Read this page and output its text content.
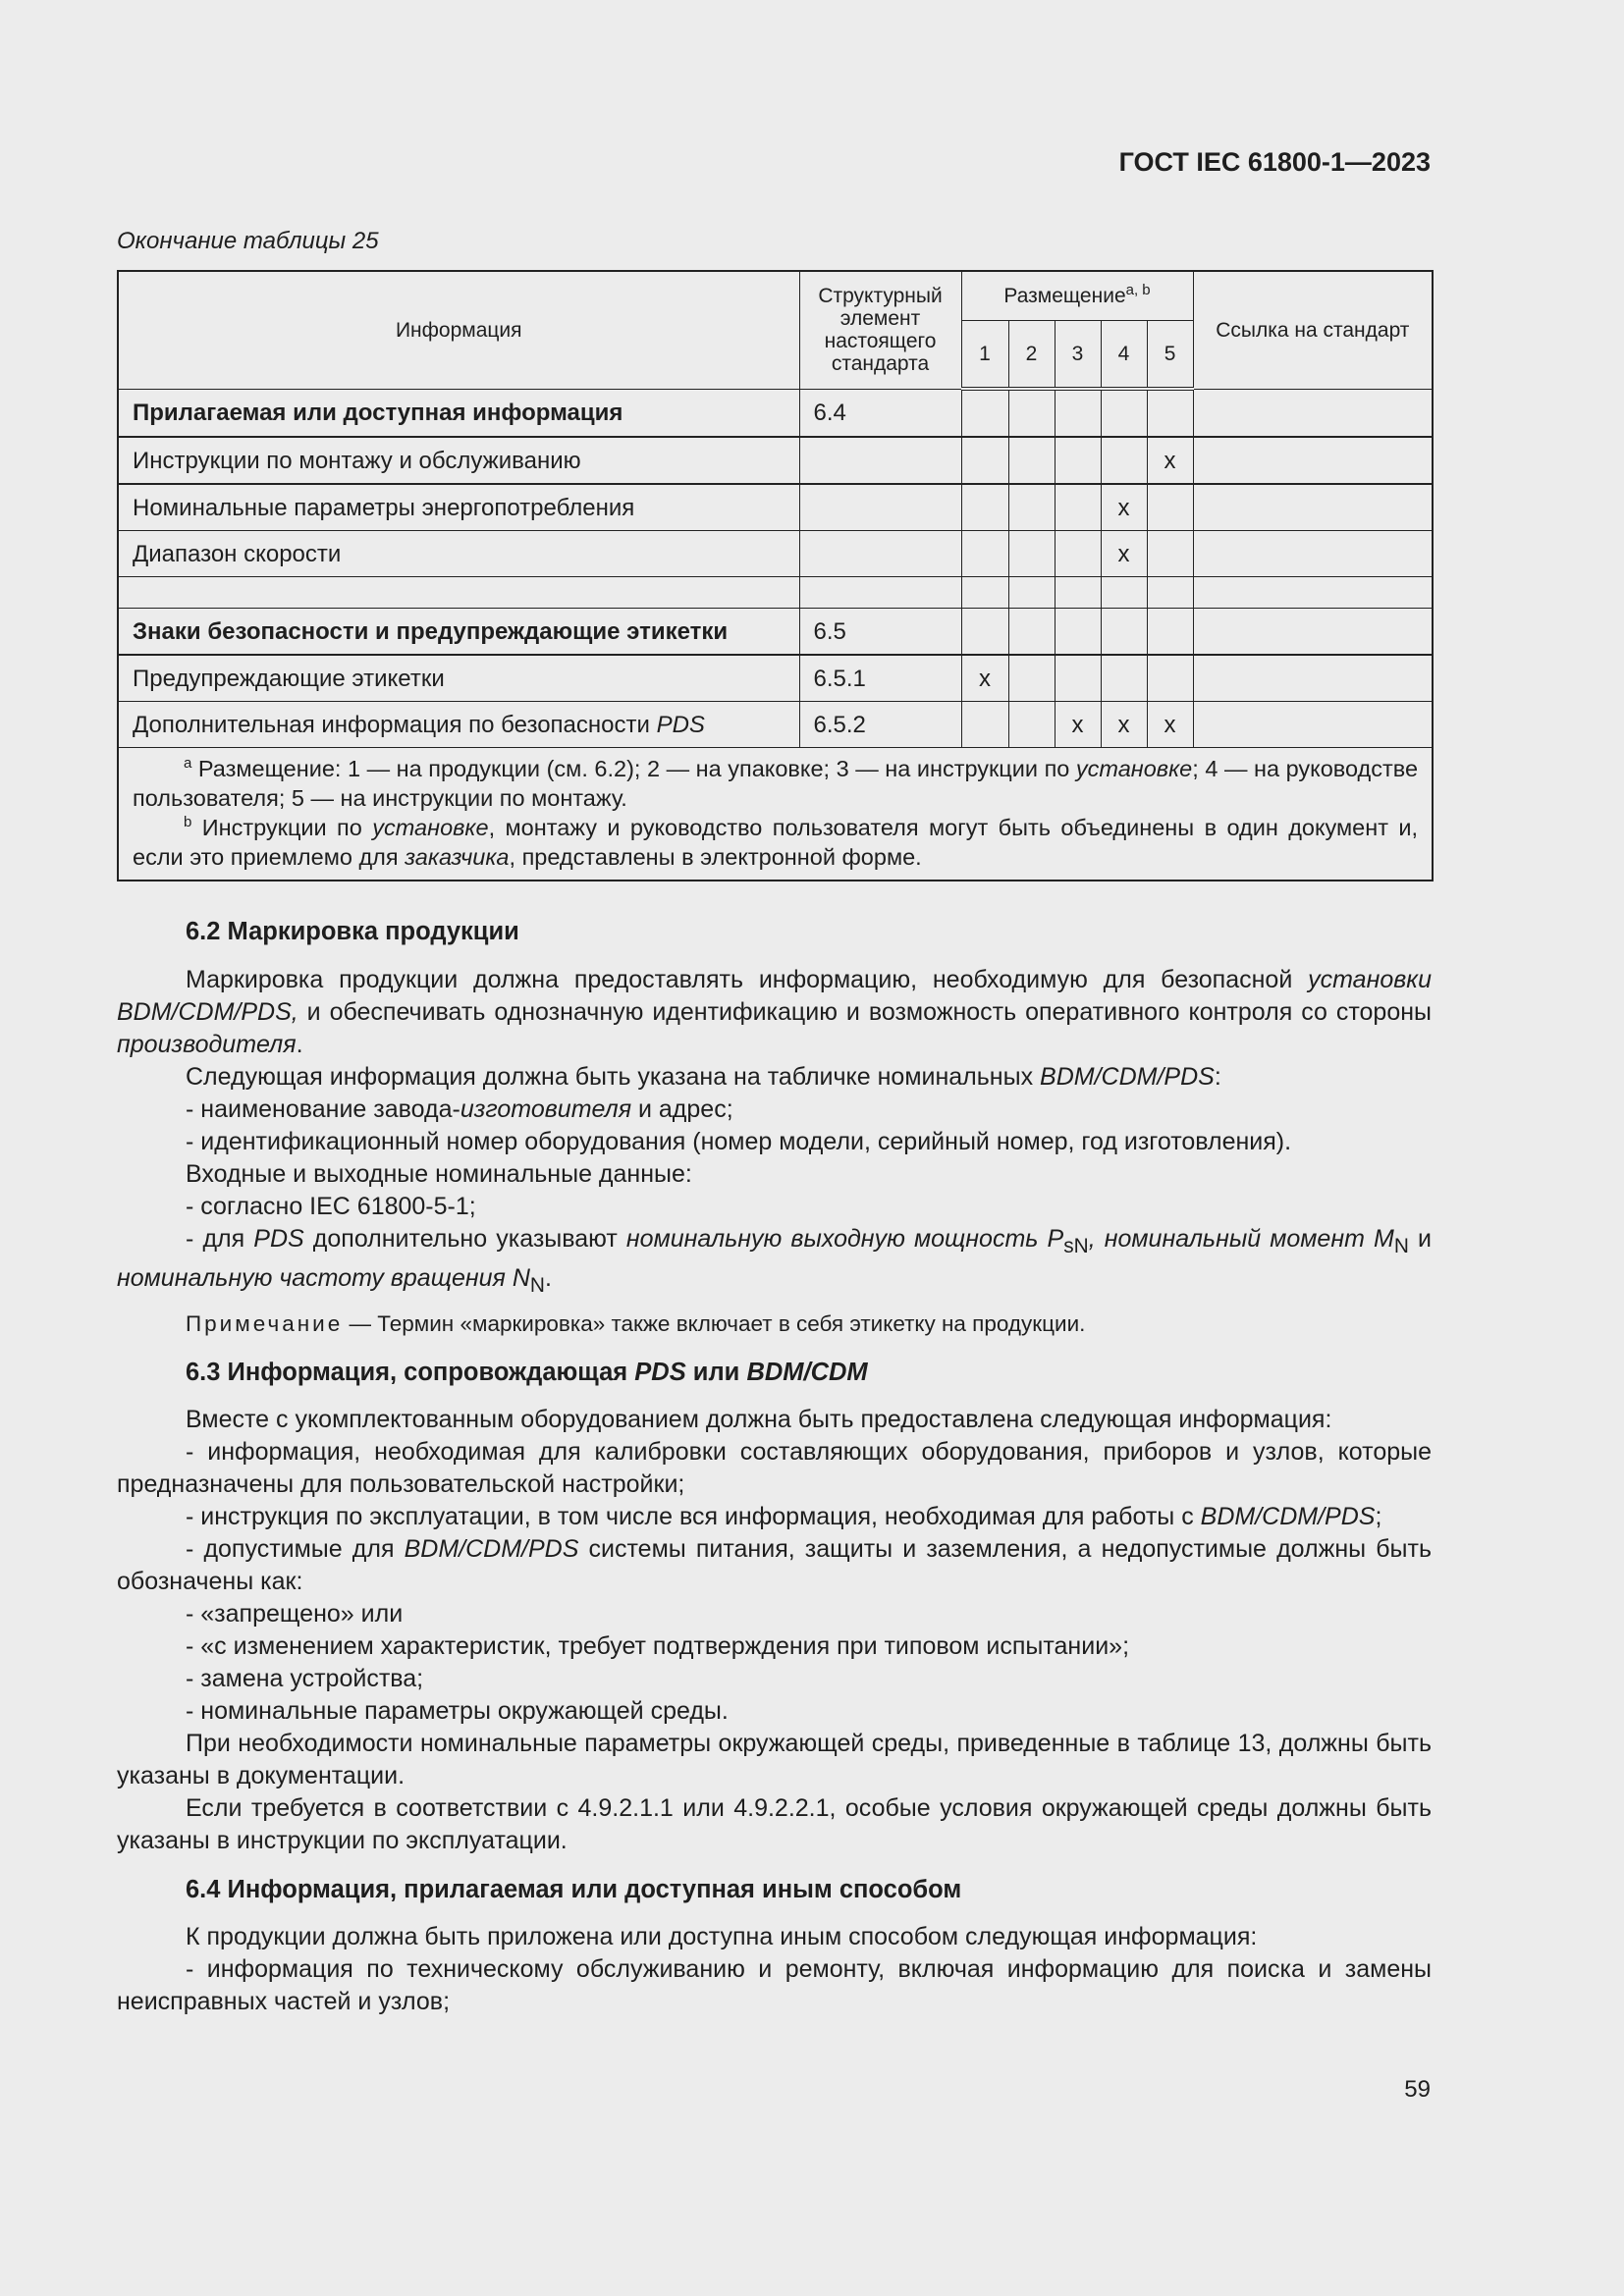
ГОСТ IEC 61800-1—2023
Окончание таблицы 25
Информация	Структурный элемент настоящего стандарта	Размещение$^{a, b}$					Ссылка на стандарт
		1	2	3	4	5	
Прилагаемая или доступная информация	6.4						
Инструкции по монтажу и обслуживанию						x	
Номинальные параметры энергопотребления					x		
Диапазон скорости					x		

Знаки безопасности и предупреждающие этикетки	6.5						
Предупреждающие этикетки	6.5.1	x					
Дополнительная информация по безопасности PDS	6.5.2			x	x	x	

$^a$ Размещение: 1 — на продукции (см. 6.2); 2 — на упаковке; 3 — на инструкции по установке; 4 — на руководстве пользователя; 5 — на инструкции по монтажу.
$^b$ Инструкции по установке, монтажу и руководство пользователя могут быть объединены в один документ и, если это приемлемо для заказчика, представлены в электронной форме.							

6.2 Маркировка продукции

Маркировка продукции должна предоставлять информацию, необходимую для безопасной установки BDM/CDM/PDS, и обеспечивать однозначную идентификацию и возможность оперативного контроля со стороны производителя.

Следующая информация должна быть указана на табличке номинальных BDM/CDM/PDS:

- наименование завода-изготовителя и адрес;

- идентификационный номер оборудования (номер модели, серийный номер, год изготовления).

Входные и выходные номинальные данные:

- согласно IEC 61800-5-1;

- для PDS дополнительно указывают номинальную выходную мощность $P_{sN}$, номинальный момент $M_N$ и номинальную частоту вращения $N_N$.

Примечание — Термин «маркировка» также включает в себя этикетку на продукции.

6.3 Информация, сопровождающая PDS или BDM/CDM

Вместе с укомплектованным оборудованием должна быть предоставлена следующая информация:

- информация, необходимая для калибровки составляющих оборудования, приборов и узлов, которые предназначены для пользовательской настройки;

- инструкция по эксплуатации, в том числе вся информация, необходимая для работы с BDM/CDM/PDS;

- допустимые для BDM/CDM/PDS системы питания, защиты и заземления, а недопустимые должны быть обозначены как:

- «запрещено» или

- «с изменением характеристик, требует подтверждения при типовом испытании»;

- замена устройства;

- номинальные параметры окружающей среды.

При необходимости номинальные параметры окружающей среды, приведенные в таблице 13, должны быть указаны в документации.

Если требуется в соответствии с 4.9.2.1.1 или 4.9.2.2.1, особые условия окружающей среды должны быть указаны в инструкции по эксплуатации.

6.4 Информация, прилагаемая или доступная иным способом

К продукции должна быть приложена или доступна иным способом следующая информация:

- информация по техническому обслуживанию и ремонту, включая информацию для поиска и замены неисправных частей и узлов;

59
